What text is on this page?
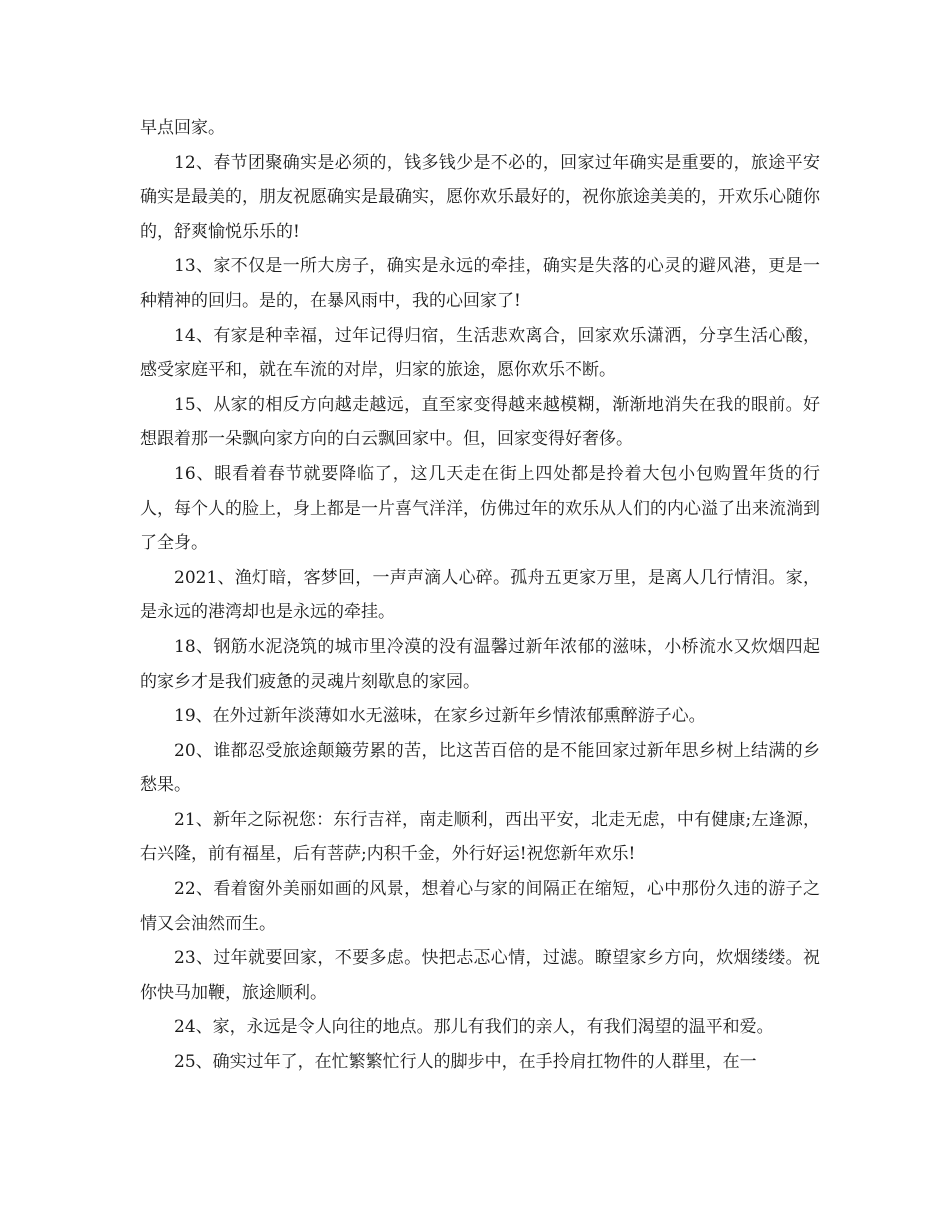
早点回家。

12、春节团聚确实是必须的，钱多钱少是不必的，回家过年确实是重要的，旅途平安确实是最美的，朋友祝愿确实是最确实，愿你欢乐最好的，祝你旅途美美的，开欢乐心随你的，舒爽愉悦乐乐的!

13、家不仅是一所大房子，确实是永远的牵挂，确实是失落的心灵的避风港，更是一种精神的回归。是的，在暴风雨中，我的心回家了!

14、有家是种幸福，过年记得归宿，生活悲欢离合，回家欢乐潇洒，分享生活心酸，感受家庭平和，就在车流的对岸，归家的旅途，愿你欢乐不断。

15、从家的相反方向越走越远，直至家变得越来越模糊，渐渐地消失在我的眼前。好想跟着那一朵飘向家方向的白云飘回家中。但，回家变得好奢侈。

16、眼看着春节就要降临了，这几天走在街上四处都是拎着大包小包购置年货的行人，每个人的脸上，身上都是一片喜气洋洋，仿佛过年的欢乐从人们的内心溢了出来流淌到了全身。

2021、渔灯暗，客梦回，一声声滴人心碎。孤舟五更家万里，是离人几行情泪。家，是永远的港湾却也是永远的牵挂。

18、钢筋水泥浇筑的城市里冷漠的没有温馨过新年浓郁的滋味，小桥流水又炊烟四起的家乡才是我们疲惫的灵魂片刻歇息的家园。

19、在外过新年淡薄如水无滋味，在家乡过新年乡情浓郁熏醉游子心。

20、谁都忍受旅途颠簸劳累的苦，比这苦百倍的是不能回家过新年思乡树上结满的乡愁果。

21、新年之际祝您：东行吉祥，南走顺利，西出平安，北走无虑，中有健康;左逢源，右兴隆，前有福星，后有菩萨;内积千金，外行好运!祝您新年欢乐!

22、看着窗外美丽如画的风景，想着心与家的间隔正在缩短，心中那份久违的游子之情又会油然而生。

23、过年就要回家，不要多虑。快把忐忑心情，过滤。瞭望家乡方向，炊烟缕缕。祝你快马加鞭，旅途顺利。

24、家，永远是令人向往的地点。那儿有我们的亲人，有我们渴望的温平和爱。

25、确实过年了，在忙繁繁忙行人的脚步中，在手拎肩扛物件的人群里，在一
